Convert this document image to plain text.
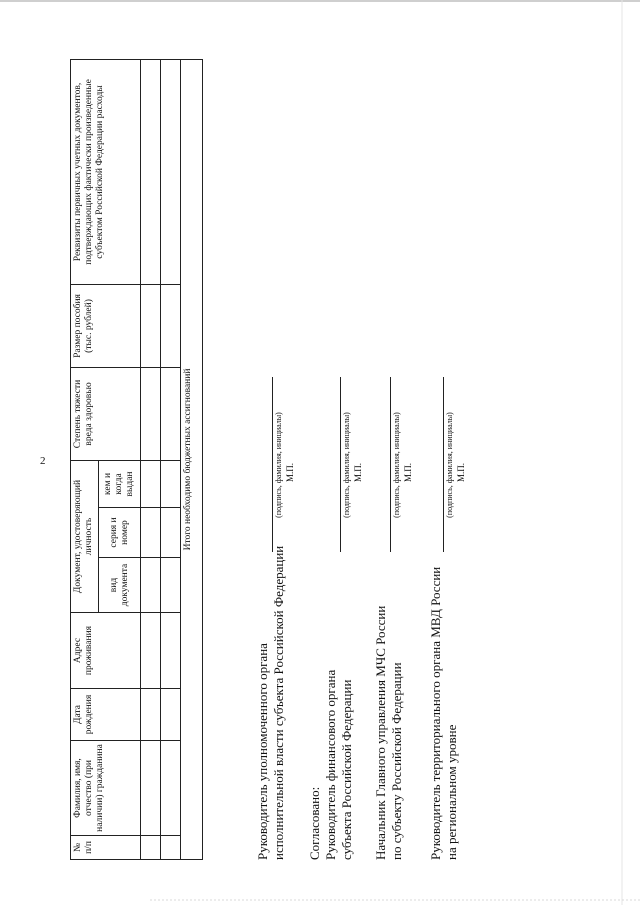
2
№ п/п	Фамилия, имя, отчество (при наличии) гражданина	Дата рождения	Адрес проживания	Документ, удостоверяющий личность			Степень тяжести вреда здоровью	Размер пособия (тыс. рублей)	Реквизиты первичных учетных документов, подтверждающих фактически произведенные субъектом Российской Федерации расходы
				вид документа	серия и номер	кем и когда выдан			

Итого необходимо бюджетных ассигнований									
Руководитель уполномоченного органа исполнительной власти субъекта Российской Федерации
(подпись, фамилия, инициалы) М.П.
Согласовано: Руководитель финансового органа субъекта Российской Федерации
(подпись, фамилия, инициалы) М.П.
Начальник Главного управления МЧС России по субъекту Российской Федерации
(подпись, фамилия, инициалы) М.П.
Руководитель территориального органа МВД России на региональном уровне
(подпись, фамилия, инициалы) М.П.
